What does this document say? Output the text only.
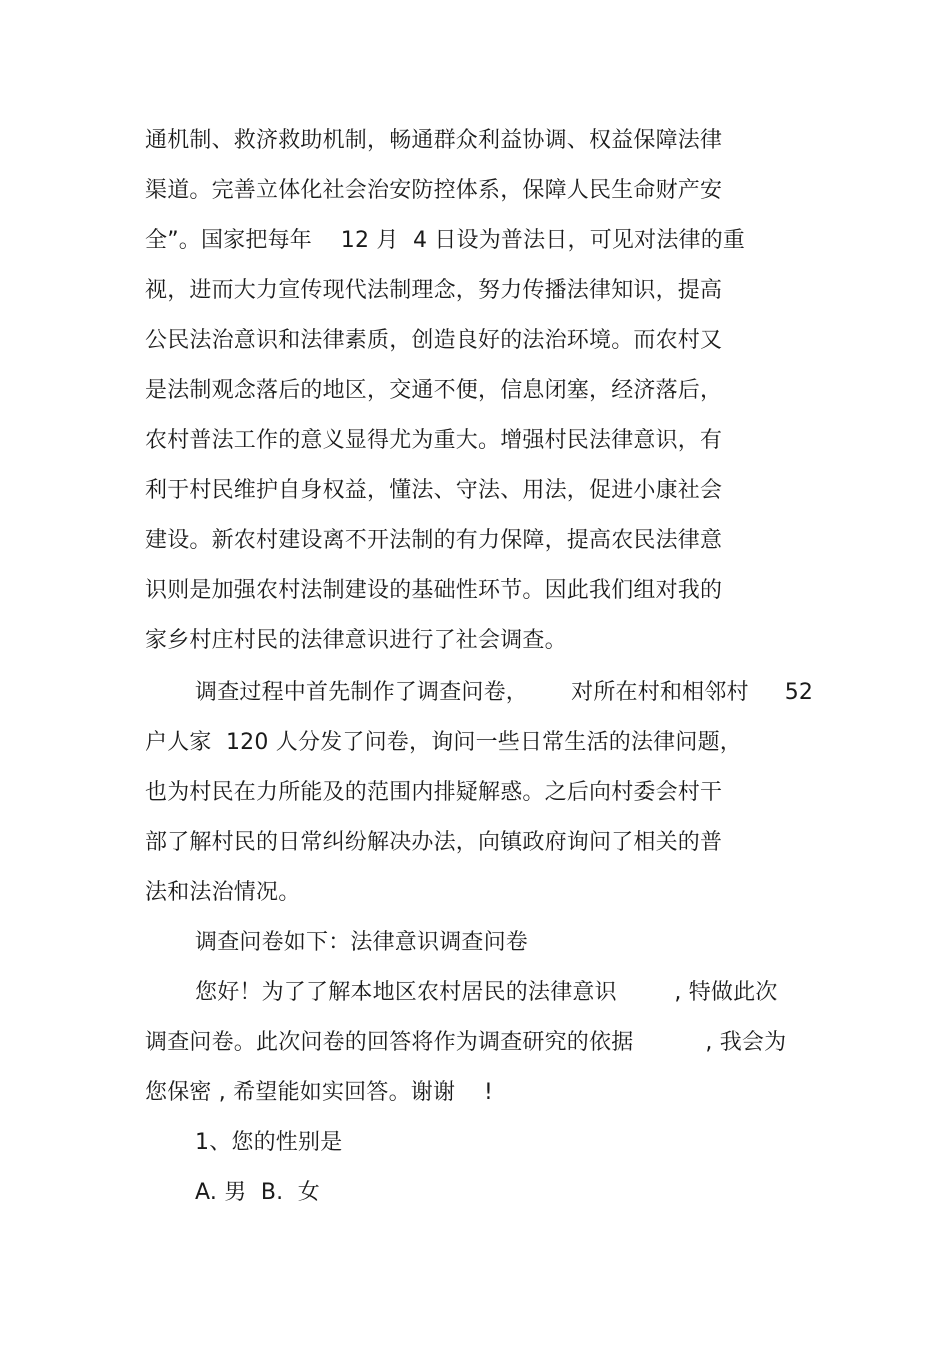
通机制、救济救助机制，畅通群众利益协调、权益保障法律
渠道。完善立体化社会治安防控体系，保障人民生命财产安
全”。国家把每年    12 月  4 日设为普法日，可见对法律的重
视，进而大力宣传现代法制理念，努力传播法律知识，提高
公民法治意识和法律素质，创造良好的法治环境。而农村又
是法制观念落后的地区，交通不便，信息闭塞，经济落后，
农村普法工作的意义显得尤为重大。增强村民法律意识，有
利于村民维护自身权益，懂法、守法、用法，促进小康社会
建设。新农村建设离不开法制的有力保障，提高农民法律意
识则是加强农村法制建设的基础性环节。因此我们组对我的
家乡村庄村民的法律意识进行了社会调查。
调查过程中首先制作了调查问卷，      对所在村和相邻村     52
户人家  120 人分发了问卷，询问一些日常生活的法律问题，
也为村民在力所能及的范围内排疑解惑。之后向村委会村干
部了解村民的日常纠纷解决办法，向镇政府询问了相关的普
法和法治情况。
调查问卷如下：法律意识调查问卷
您好！为了了解本地区农村居民的法律意识        , 特做此次
调查问卷。此次问卷的回答将作为调查研究的依据          , 我会为
您保密 , 希望能如实回答。谢谢    !
1、您的性别是
A. 男  B.  女
